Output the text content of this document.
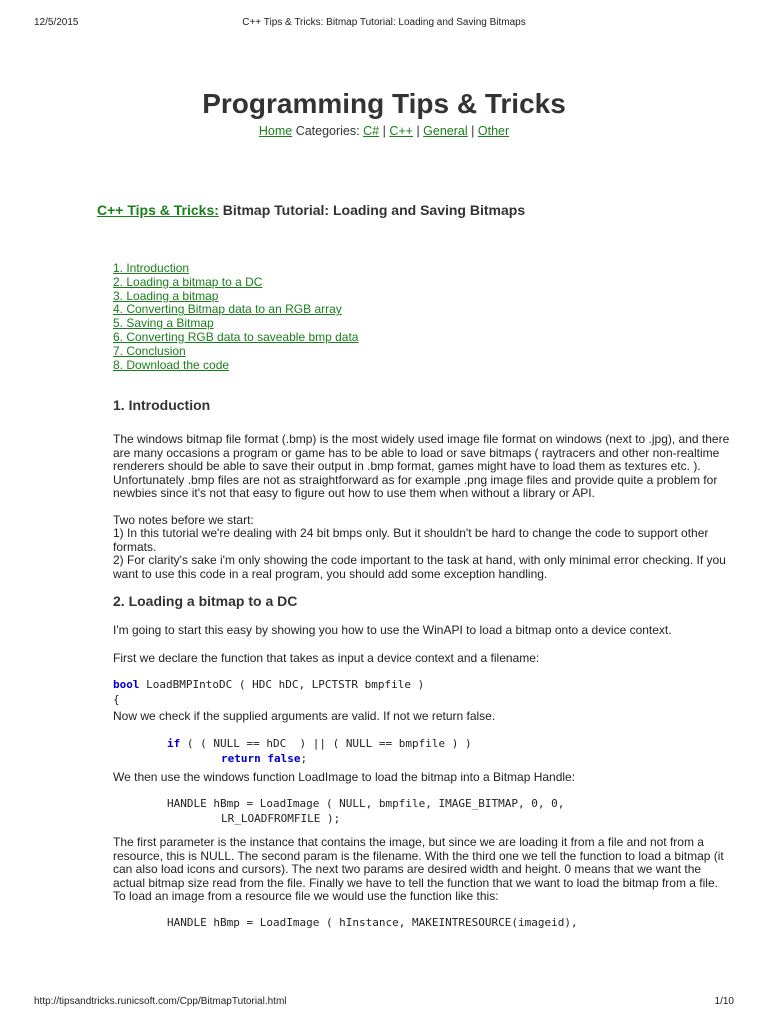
12/5/2015	C++ Tips & Tricks: Bitmap Tutorial: Loading and Saving Bitmaps
Programming Tips & Tricks
Home Categories: C# | C++ | General | Other
C++ Tips & Tricks: Bitmap Tutorial: Loading and Saving Bitmaps
1. Introduction
2. Loading a bitmap to a DC
3. Loading a bitmap
4. Converting Bitmap data to an RGB array
5. Saving a Bitmap
6. Converting RGB data to saveable bmp data
7. Conclusion
8. Download the code
1. Introduction

The windows bitmap file format (.bmp) is the most widely used image file format on windows (next to .jpg), and there are many occasions a program or game has to be able to load or save bitmaps ( raytracers and other non-realtime renderers should be able to save their output in .bmp format, games might have to load them as textures etc. ).

Unfortunately .bmp files are not as straightforward as for example .png image files and provide quite a problem for newbies since it's not that easy to figure out how to use them when without a library or API.

Two notes before we start:

1) In this tutorial we're dealing with 24 bit bmps only. But it shouldn't be hard to change the code to support other formats.

2) For clarity's sake i'm only showing the code important to the task at hand, with only minimal error checking. If you want to use this code in a real program, you should add some exception handling.

2. Loading a bitmap to a DC

I'm going to start this easy by showing you how to use the WinAPI to load a bitmap onto a device context.

First we declare the function that takes as input a device context and a filename:

bool LoadBMPIntoDC ( HDC hDC, LPCTSTR bmpfile )
{

Now we check if the supplied arguments are valid. If not we return false.

if ( ( NULL == hDC  ) || ( NULL == bmpfile ) )
return false;

We then use the windows function LoadImage to load the bitmap into a Bitmap Handle:

HANDLE hBmp = LoadImage ( NULL, bmpfile, IMAGE_BITMAP, 0, 0,
LR_LOADFROMFILE );

The first parameter is the instance that contains the image, but since we are loading it from a file and not from a resource, this is NULL. The second param is the filename. With the third one we tell the function to load a bitmap (it can also load icons and cursors). The next two params are desired width and height. 0 means that we want the actual bitmap size read from the file. Finally we have to tell the function that we want to load the bitmap from a file. To load an image from a resource file we would use the function like this:

HANDLE hBmp = LoadImage ( hInstance, MAKEINTRESOURCE(imageid),
http://tipsandtricks.runicsoft.com/Cpp/BitmapTutorial.html	1/10
